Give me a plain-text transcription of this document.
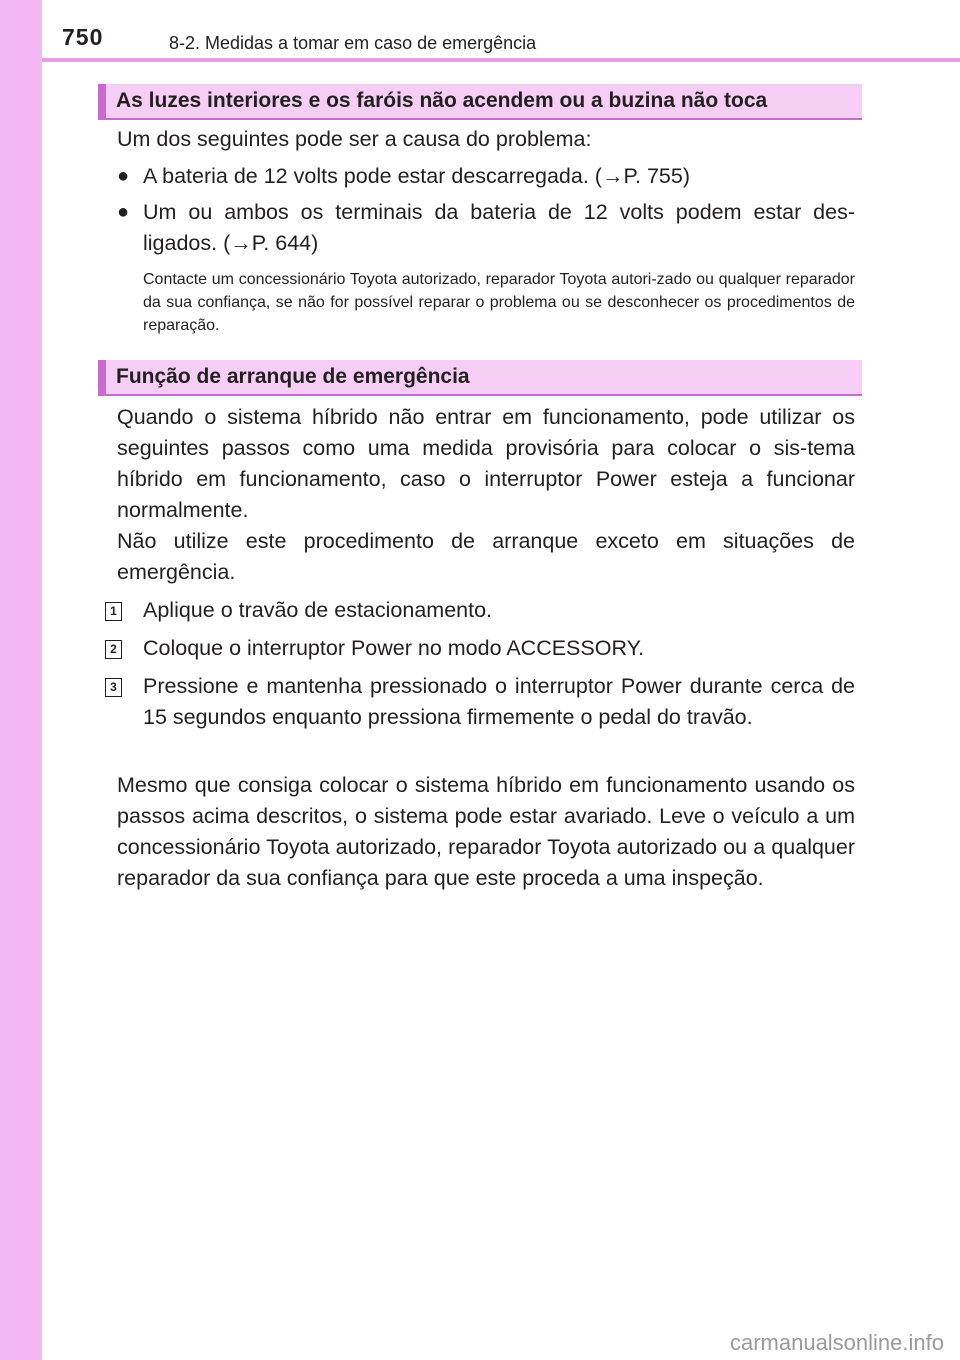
750	8-2. Medidas a tomar em caso de emergência
As luzes interiores e os faróis não acendem ou a buzina não toca

Um dos seguintes pode ser a causa do problema:

● A bateria de 12 volts pode estar descarregada. (→P. 755)
● Um ou ambos os terminais da bateria de 12 volts podem estar des-ligados. (→P. 644)

Contacte um concessionário Toyota autorizado, reparador Toyota autori-zado ou qualquer reparador da sua confiança, se não for possível reparar o problema ou se desconhecer os procedimentos de reparação.

Função de arranque de emergência

Quando o sistema híbrido não entrar em funcionamento, pode utilizar os seguintes passos como uma medida provisória para colocar o sis-tema híbrido em funcionamento, caso o interruptor Power esteja a funcionar normalmente.

Não utilize este procedimento de arranque exceto em situações de emergência.

1 Aplique o travão de estacionamento.
2 Coloque o interruptor Power no modo ACCESSORY.
3 Pressione e mantenha pressionado o interruptor Power durante cerca de 15 segundos enquanto pressiona firmemente o pedal do travão.

Mesmo que consiga colocar o sistema híbrido em funcionamento usando os passos acima descritos, o sistema pode estar avariado. Leve o veículo a um concessionário Toyota autorizado, reparador Toyota autorizado ou a qualquer reparador da sua confiança para que este proceda a uma inspeção.

carmanualsonline.info
